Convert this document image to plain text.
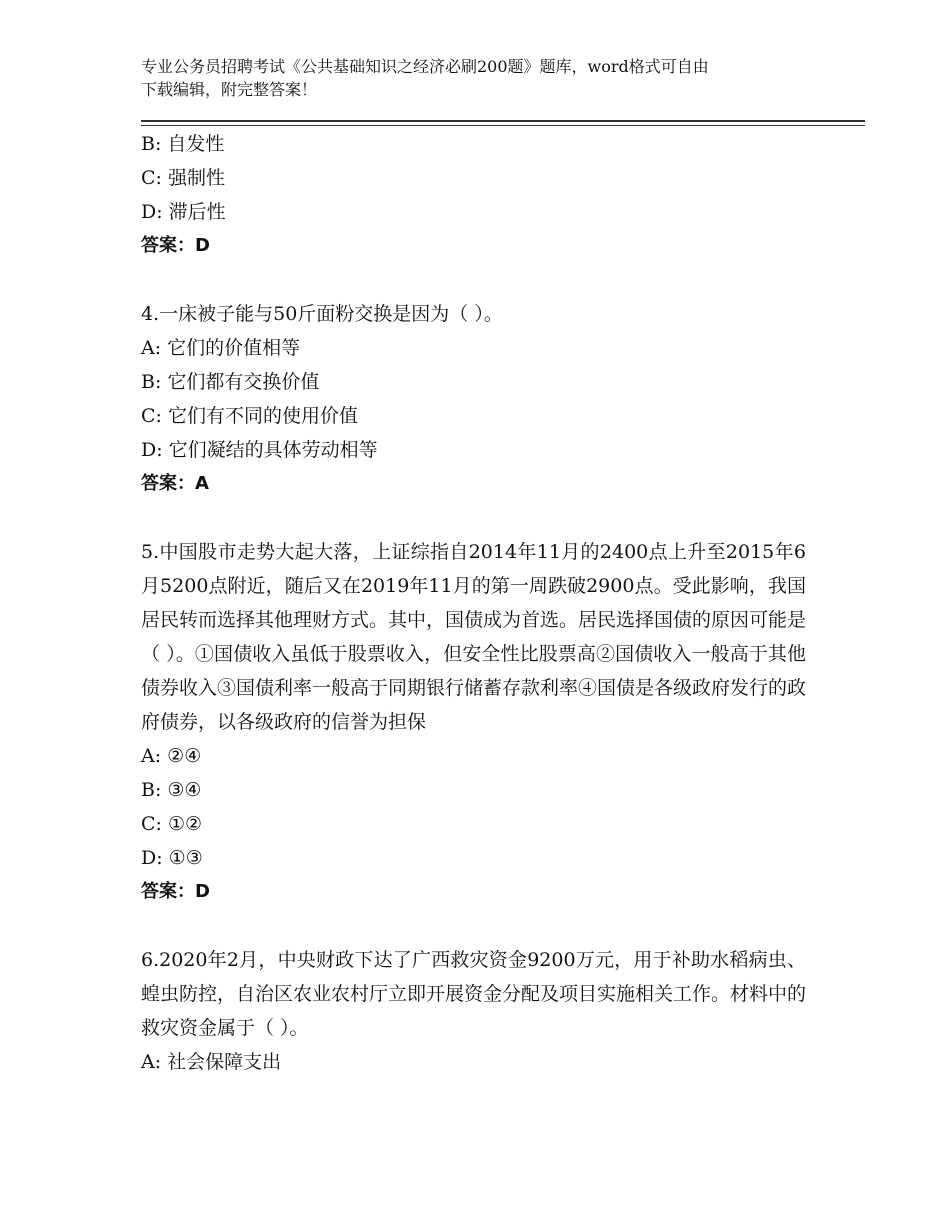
专业公务员招聘考试《公共基础知识之经济必刷200题》题库，word格式可自由
下载编辑，附完整答案！
B: 自发性
C: 强制性
D: 滞后性
答案：D
4.一床被子能与50斤面粉交换是因为（ ）。
A: 它们的价值相等
B: 它们都有交换价值
C: 它们有不同的使用价值
D: 它们凝结的具体劳动相等
答案：A
5.中国股市走势大起大落，上证综指自2014年11月的2400点上升至2015年6月5200点附近，随后又在2019年11月的第一周跌破2900点。受此影响，我国居民转而选择其他理财方式。其中，国债成为首选。居民选择国债的原因可能是（ ）。①国债收入虽低于股票收入，但安全性比股票高②国债收入一般高于其他债券收入③国债利率一般高于同期银行储蓄存款利率④国债是各级政府发行的政府债券，以各级政府的信誉为担保
A: ②④
B: ③④
C: ①②
D: ①③
答案：D
6.2020年2月，中央财政下达了广西救灾资金9200万元，用于补助水稻病虫、蝗虫防控，自治区农业农村厅立即开展资金分配及项目实施相关工作。材料中的救灾资金属于（ ）。
A: 社会保障支出
